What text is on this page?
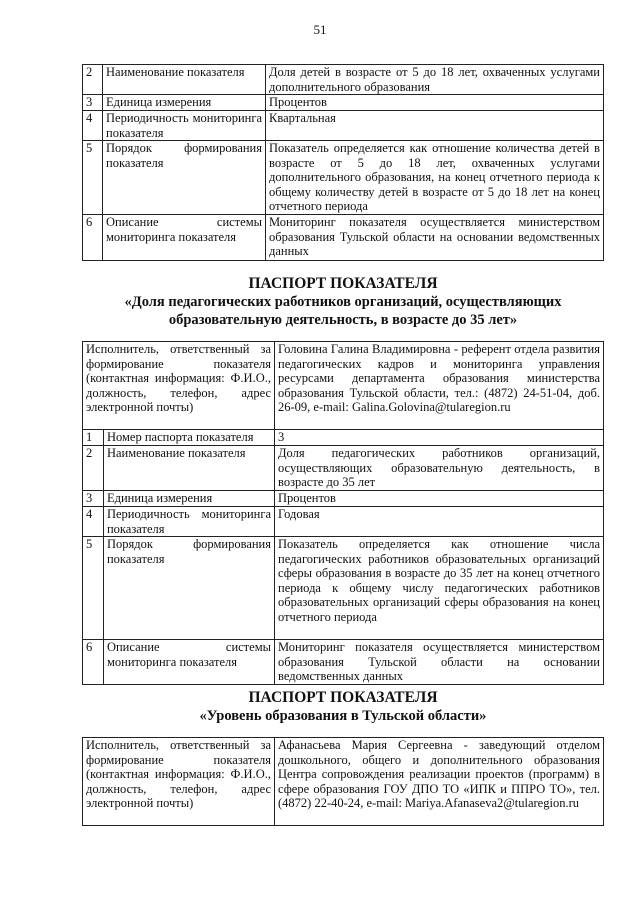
51
2	Наименование показателя	Доля детей в возрасте от 5 до 18 лет, охваченных услугами дополнительного образования
3	Единица измерения	Процентов
4	Периодичность мониторинга показателя	Квартальная
5	Порядок формирования показателя	Показатель определяется как отношение количества детей в возрасте от 5 до 18 лет, охваченных услугами дополнительного образования, на конец отчетного периода к общему количеству детей в возрасте от 5 до 18 лет на конец отчетного периода
6	Описание системы мониторинга показателя	Мониторинг показателя осуществляется министерством образования Тульской области на основании ведомственных данных
ПАСПОРТ ПОКАЗАТЕЛЯ
«Доля педагогических работников организаций, осуществляющих
образовательную деятельность, в возрасте до 35 лет»
Исполнитель, ответственный за формирование показателя (контактная информация: Ф.И.О., должность, телефон, адрес электронной почты)		Головина Галина Владимировна - референт отдела развития педагогических кадров и мониторинга управления ресурсами департамента образования министерства образования Тульской области, тел.: (4872) 24-51-04, доб. 26-09, e-mail: Galina.Golovina@tularegion.ru
1	Номер паспорта показателя	3
2	Наименование показателя	Доля педагогических работников организаций, осуществляющих образовательную деятельность, в возрасте до 35 лет
3	Единица измерения	Процентов
4	Периодичность мониторинга показателя	Годовая
5	Порядок формирования показателя	Показатель определяется как отношение числа педагогических работников образовательных организаций сферы образования в возрасте до 35 лет на конец отчетного периода к общему числу педагогических работников образовательных организаций сферы образования на конец отчетного периода
6	Описание системы мониторинга показателя	Мониторинг показателя осуществляется министерством образования Тульской области на основании ведомственных данных
ПАСПОРТ ПОКАЗАТЕЛЯ
«Уровень образования в Тульской области»
Исполнитель, ответственный за формирование показателя (контактная информация: Ф.И.О., должность, телефон, адрес электронной почты)	Афанасьева Мария Сергеевна - заведующий отделом дошкольного, общего и дополнительного образования Центра сопровождения реализации проектов (программ) в сфере образования ГОУ ДПО ТО «ИПК и ППРО ТО», тел. (4872) 22-40-24, e-mail: Mariya.Afanaseva2@tularegion.ru
